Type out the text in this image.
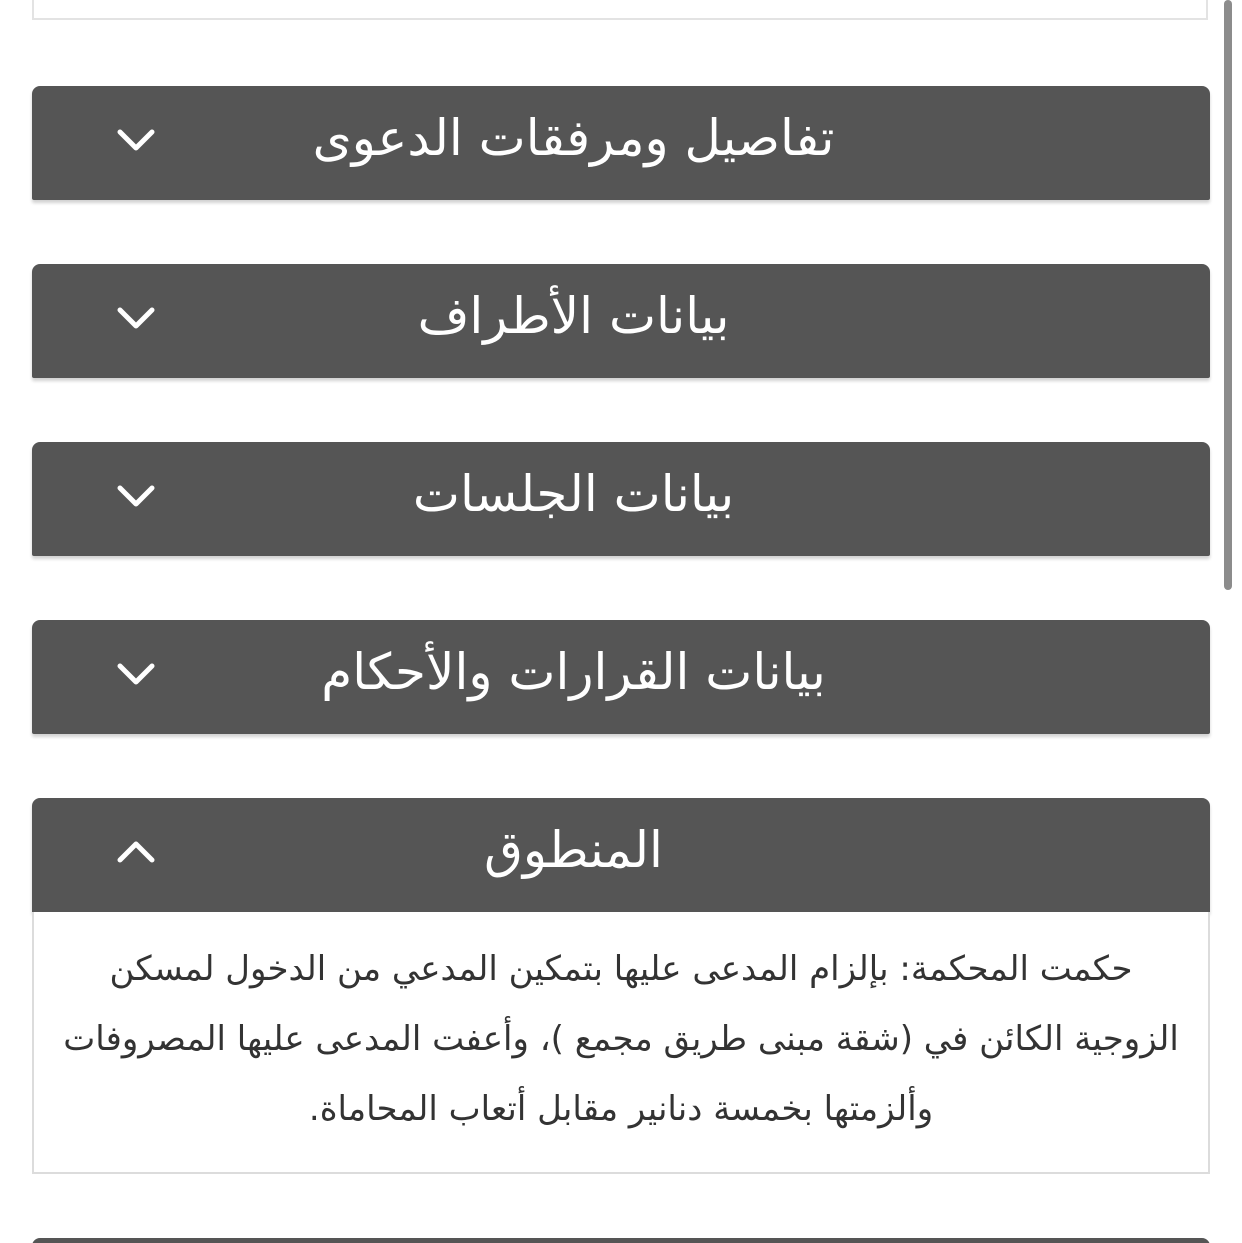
تفاصيل ومرفقات الدعوى
بيانات الأطراف
بيانات الجلسات
بيانات القرارات والأحكام
المنطوق
حكمت المحكمة: بإلزام المدعى عليها بتمكين المدعي من الدخول لمسكن الزوجية الكائن في (شقة مبنى طريق مجمع )، وأعفت المدعى عليها المصروفات وألزمتها بخمسة دنانير مقابل أتعاب المحاماة.
